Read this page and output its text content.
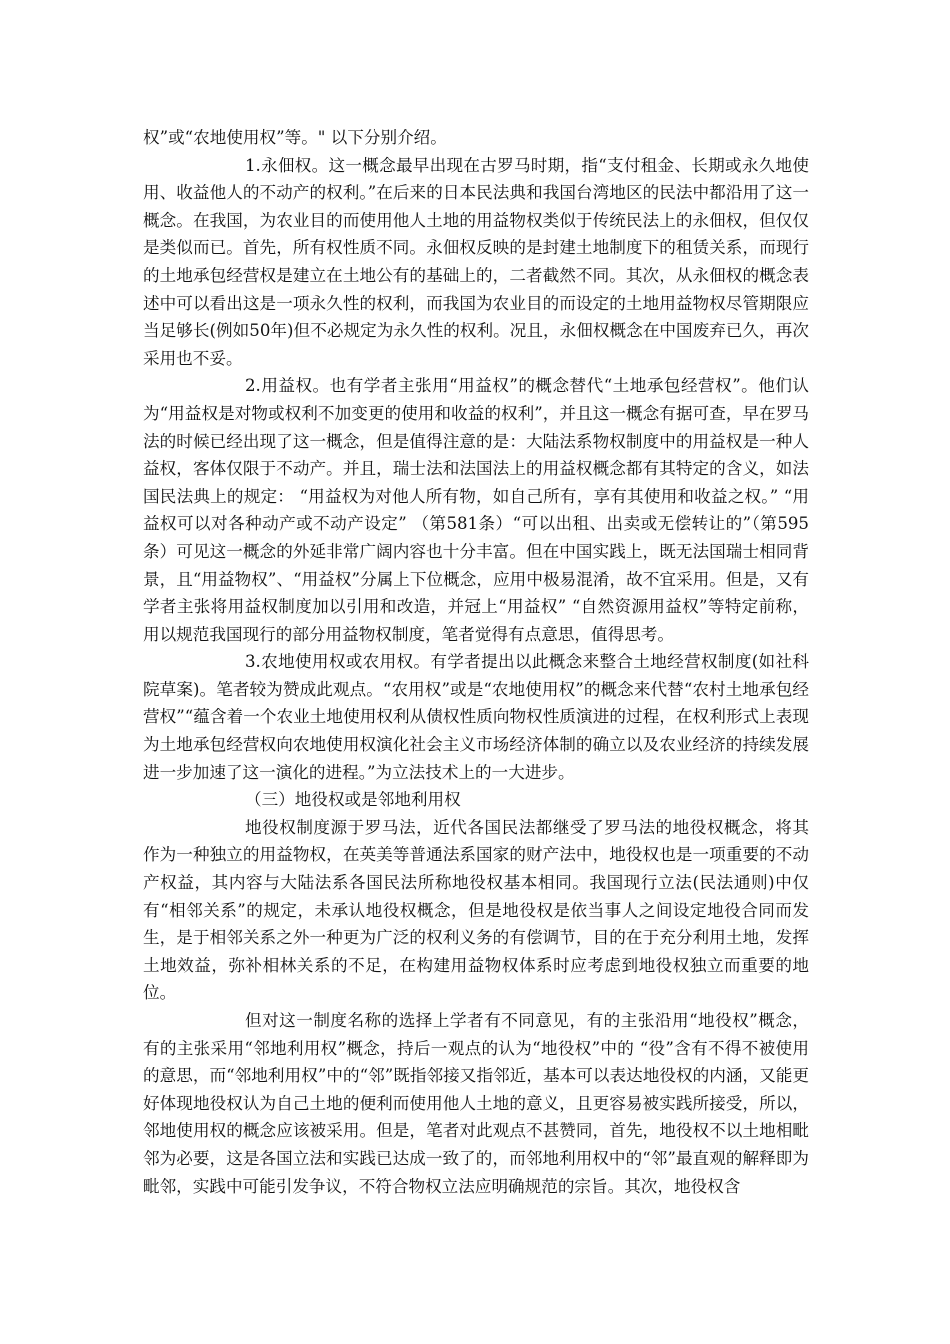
权”或“农地使用权”等。" 以下分别介绍。

1.永佃权。这一概念最早出现在古罗马时期，指“支付租金、长期或永久地使用、收益他人的不动产的权利。”在后来的日本民法典和我国台湾地区的民法中都沿用了这一概念。在我国，为农业目的而使用他人土地的用益物权类似于传统民法上的永佃权，但仅仅是类似而已。首先，所有权性质不同。永佃权反映的是封建土地制度下的租赁关系，而现行的土地承包经营权是建立在土地公有的基础上的，二者截然不同。其次，从永佃权的概念表述中可以看出这是一项永久性的权利，而我国为农业目的而设定的土地用益物权尽管期限应当足够长(例如50年)但不必规定为永久性的权利。况且，永佃权概念在中国废弃已久，再次采用也不妥。

2.用益权。也有学者主张用“用益权”的概念替代“土地承包经营权”。他们认为“用益权是对物或权利不加变更的使用和收益的权利”，并且这一概念有据可查，早在罗马法的时候已经出现了这一概念，但是值得注意的是：大陆法系物权制度中的用益权是一种人益权，客体仅限于不动产。并且，瑞士法和法国法上的用益权概念都有其特定的含义，如法国民法典上的规定： “用益权为对他人所有物，如自己所有，享有其使用和收益之权。” “用益权可以对各种动产或不动产设定” （第581条）“可以出租、出卖或无偿转让的”（第595条）可见这一概念的外延非常广阔内容也十分丰富。但在中国实践上，既无法国瑞士相同背景，且“用益物权”、“用益权”分属上下位概念，应用中极易混淆，故不宜采用。但是，又有学者主张将用益权制度加以引用和改造，并冠上“用益权” “自然资源用益权”等特定前称，用以规范我国现行的部分用益物权制度，笔者觉得有点意思，值得思考。

3.农地使用权或农用权。有学者提出以此概念来整合土地经营权制度(如社科院草案)。笔者较为赞成此观点。“农用权”或是“农地使用权”的概念来代替“农村土地承包经营权”“蕴含着一个农业土地使用权利从债权性质向物权性质演进的过程，在权利形式上表现为土地承包经营权向农地使用权演化社会主义市场经济体制的确立以及农业经济的持续发展进一步加速了这一演化的进程。”为立法技术上的一大进步。

（三）地役权或是邻地利用权

地役权制度源于罗马法，近代各国民法都继受了罗马法的地役权概念，将其作为一种独立的用益物权，在英美等普通法系国家的财产法中，地役权也是一项重要的不动产权益，其内容与大陆法系各国民法所称地役权基本相同。我国现行立法(民法通则)中仅有“相邻关系”的规定，未承认地役权概念，但是地役权是依当事人之间设定地役合同而发生，是于相邻关系之外一种更为广泛的权利义务的有偿调节，目的在于充分利用土地，发挥土地效益，弥补相林关系的不足，在构建用益物权体系时应考虑到地役权独立而重要的地位。

但对这一制度名称的选择上学者有不同意见，有的主张沿用“地役权”概念，有的主张采用“邻地利用权”概念，持后一观点的认为“地役权”中的 “役”含有不得不被使用的意思，而“邻地利用权”中的“邻”既指邻接又指邻近，基本可以表达地役权的内涵，又能更好体现地役权认为自己土地的便利而使用他人土地的意义，且更容易被实践所接受，所以，邻地使用权的概念应该被采用。但是，笔者对此观点不甚赞同，首先，地役权不以土地相毗邻为必要，这是各国立法和实践已达成一致了的，而邻地利用权中的“邻”最直观的解释即为毗邻，实践中可能引发争议，不符合物权立法应明确规范的宗旨。其次，地役权含
